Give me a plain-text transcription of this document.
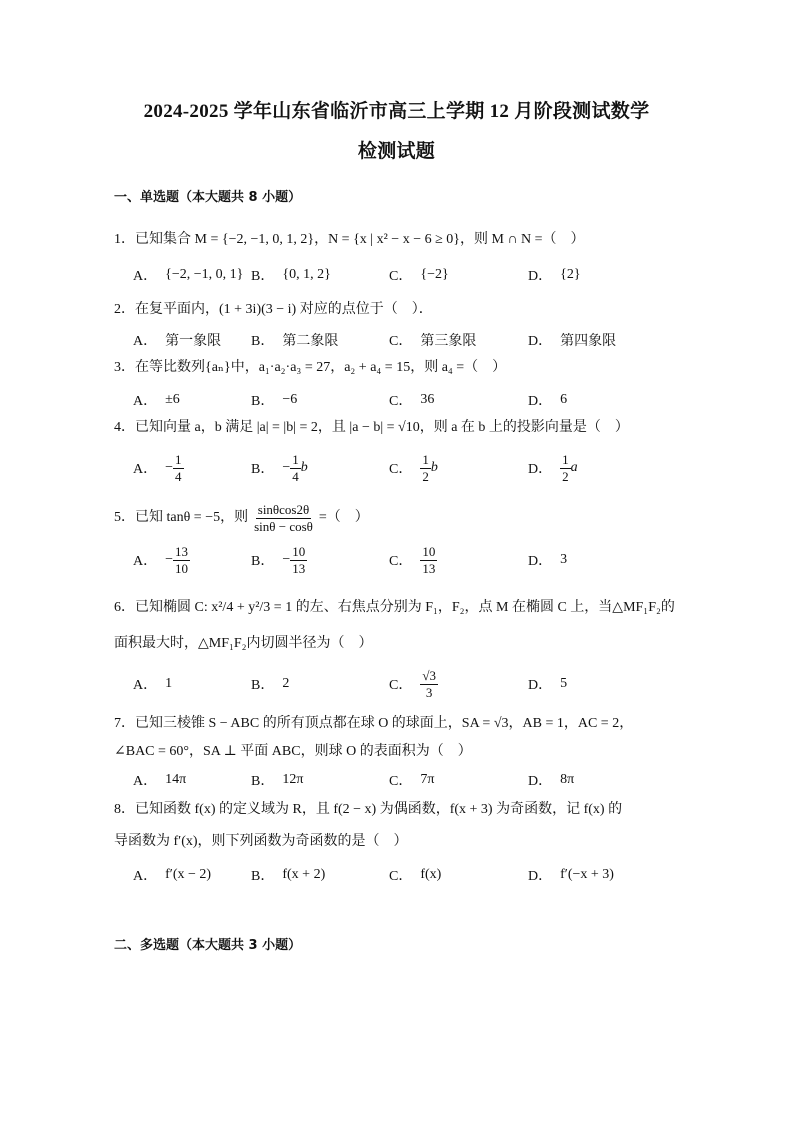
2024-2025 学年山东省临沂市高三上学期 12 月阶段测试数学
检测试题
一、单选题（本大题共 8 小题）
1．已知集合 M = {−2, −1, 0, 1, 2}，N = {x | x² − x − 6 ≥ 0}，则 M ∩ N =（　）
A． {−2, −1, 0, 1} B． {0, 1, 2}	C． {−2}	D． {2}
2．在复平面内，(1 + 3i)(3 − i) 对应的点位于（　）．
A． 第一象限 B． 第二象限	C． 第三象限	D． 第四象限
3．在等比数列{aₙ}中，a₁·a₂·a₃ = 27，a₂ + a₄ = 15，则 a₄ =（　）
A． ±6	B． −6	C． 36	D． 6
4．已知向量 a，b 满足 |a| = |b| = 2，且 |a − b| = √10，则 a 在 b 上的投影向量是（　）
A． − $\frac{1}{4}$	B． − $\frac{1}{4}$ b	C． $\frac{1}{2}$ b	D． $\frac{1}{2}$ a
5．已知 tanθ = −5，则 $\frac{\sin\theta\cos 2\theta}{\sin\theta - \cos\theta}$ =（　）
A． − $\frac{13}{10}$	B． − $\frac{10}{13}$	C． $\frac{10}{13}$	D． 3
6．已知椭圆 C: x²/4 + y²/3 = 1 的左、右焦点分别为 F₁，F₂，点 M 在椭圆 C 上，当△MF₁F₂的
面积最大时，△MF₁F₂内切圆半径为（　）
A． 1	B． 2	C． $\frac{√3}{3}$	D． 5
7．已知三棱锥 S − ABC 的所有顶点都在球 O 的球面上，SA = √3，AB = 1，AC = 2，
∠BAC = 60°，SA ⊥ 平面 ABC，则球 O 的表面积为（　）
A． 14π	B． 12π	C． 7π	D． 8π
8．已知函数 f(x) 的定义域为 R，且 f(2 − x) 为偶函数，f(x + 3) 为奇函数，记 f(x) 的
导函数为 f′(x)，则下列函数为奇函数的是（　）
A． f′(x − 2)	B． f(x + 2)	C． f(x)	D． f′(−x + 3)
二、多选题（本大题共 3 小题）
